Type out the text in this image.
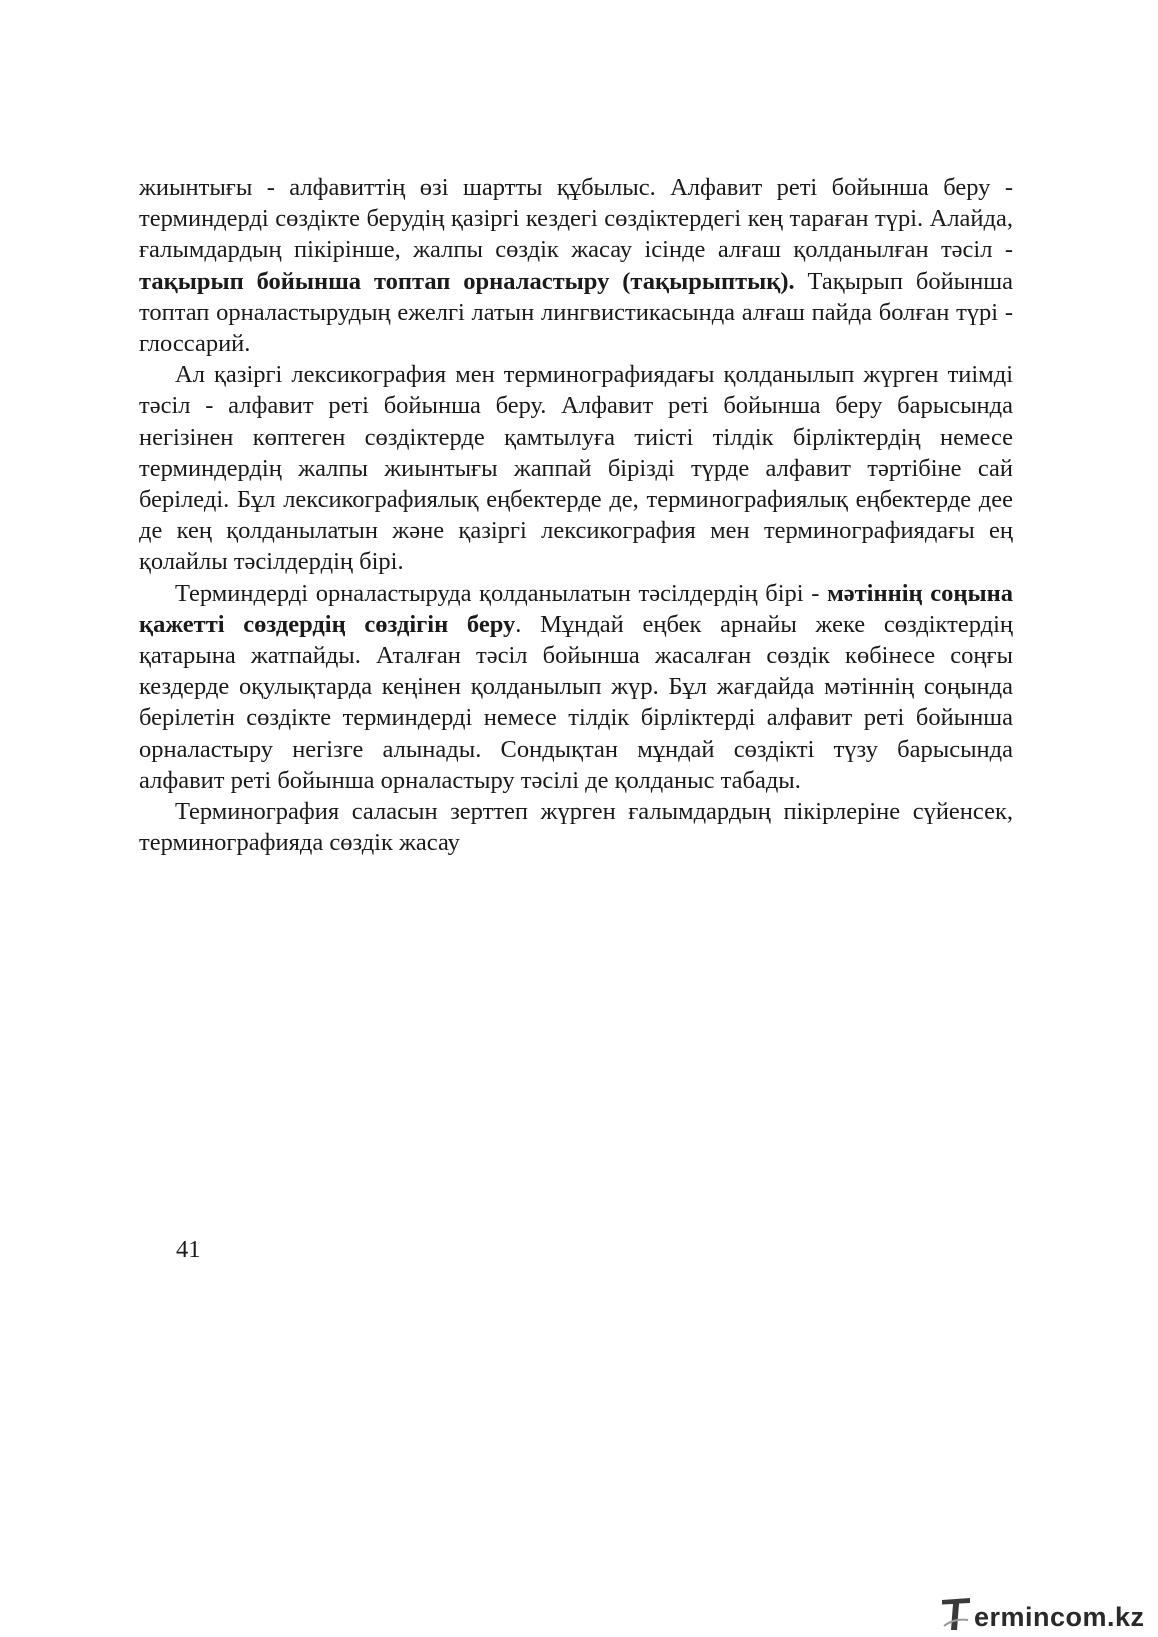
жиынтығы - алфавиттің өзі шартты құбылыс. Алфавит реті бойынша беру - терминдерді сөздікте берудің қазіргі кездегі сөздіктердегі кең тараған түрі. Алайда, ғалымдардың пікірінше, жалпы сөздік жасау ісінде алғаш қолданылған тәсіл - тақырып бойынша топтап орналастыру (тақырыптық). Тақырып бойынша топтап орналастырудың ежелгі латын лингвистикасында алғаш пайда болған түрі - глоссарий.

Ал қазіргі лексикография мен терминографиядағы қолданылып жүрген тиімді тәсіл - алфавит реті бойынша беру. Алфавит реті бойынша беру барысында негізінен көптеген сөздіктерде қамтылуға тиісті тілдік бірліктердің немесе терминдердің жалпы жиынтығы жаппай бірізді түрде алфавит тәртібіне сай беріледі. Бұл лексикографиялық еңбектерде де, терминографиялық еңбектерде дее де кең қолданылатын және қазіргі лексикография мен терминографиядағы ең қолайлы тәсілдердің бірі.

Терминдерді орналастыруда қолданылатын тәсілдердің бірі - мәтіннің соңына қажетті сөздердің сөздігін беру. Мұндай еңбек арнайы жеке сөздіктердің қатарына жатпайды. Аталған тәсіл бойынша жасалған сөздік көбінесе соңғы кездерде оқулықтарда кеңінен қолданылып жүр. Бұл жағдайда мәтіннің соңында берілетін сөздікте терминдерді немесе тілдік бірліктерді алфавит реті бойынша орналастыру негізге алынады. Сондықтан мұндай сөздікті түзу барысында алфавит реті бойынша орналастыру тәсілі де қолданыс табады.

Терминография саласын зерттеп жүрген ғалымдардың пікірлеріне сүйенсек, терминографияда сөздік жасау

41
ermincom.kz
